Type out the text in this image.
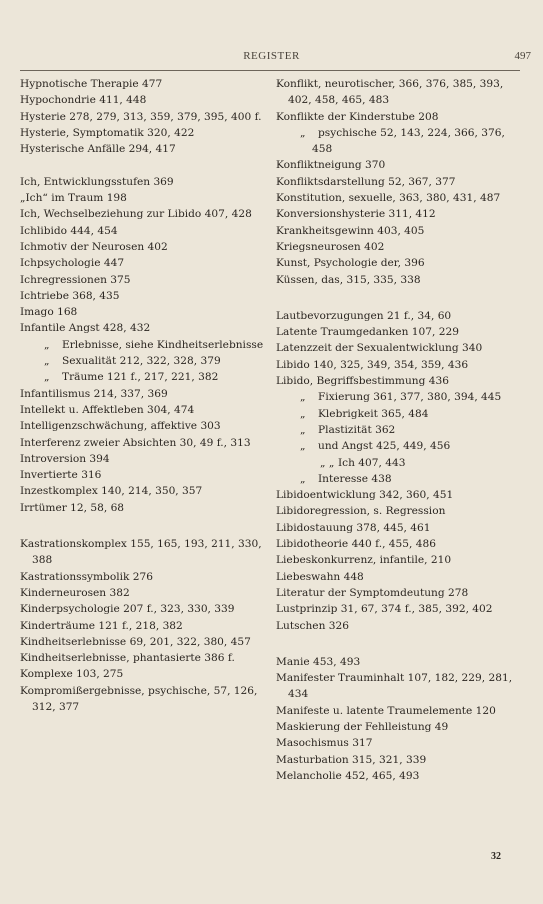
REGISTER	497
Hypnotische Therapie 477
Hypochondrie 411, 448
Hysterie 278, 279, 313, 359, 379, 395, 400 f.
Hysterie, Symptomatik 320, 422
Hysterische Anfälle 294, 417
Ich, Entwicklungsstufen 369
„Ich“ im Traum 198
Ich, Wechselbeziehung zur Libido 407, 428
Ichlibido 444, 454
Ichmotiv der Neurosen 402
Ichpsychologie 447
Ichregressionen 375
Ichtriebe 368, 435
Imago 168
Infantile Angst 428, 432
„ Erlebnisse, siehe Kindheitserlebnisse
„ Sexualität 212, 322, 328, 379
„ Träume 121 f., 217, 221, 382
Infantilismus 214, 337, 369
Intellekt u. Affektleben 304, 474
Intelligenzschwächung, affektive 303
Interferenz zweier Absichten 30, 49 f., 313
Introversion 394
Invertierte 316
Inzestkomplex 140, 214, 350, 357
Irrtümer 12, 58, 68
Kastrationskomplex 155, 165, 193, 211, 330, 388
Kastrationssymbolik 276
Kinderneurosen 382
Kinderpsychologie 207 f., 323, 330, 339
Kinderträume 121 f., 218, 382
Kindheitserlebnisse 69, 201, 322, 380, 457
Kindheitserlebnisse, phantasierte 386 f.
Komplexe 103, 275
Kompromißergebnisse, psychische, 57, 126, 312, 377
Konflikt, neurotischer, 366, 376, 385, 393, 402, 458, 465, 483
Konflikte der Kinderstube 208
„ psychische 52, 143, 224, 366, 376, 458
Konfliktneigung 370
Konfliktsdarstellung 52, 367, 377
Konstitution, sexuelle, 363, 380, 431, 487
Konversionshysterie 311, 412
Krankheitsgewinn 403, 405
Kriegsneurosen 402
Kunst, Psychologie der, 396
Küssen, das, 315, 335, 338
Lautbevorzugungen 21 f., 34, 60
Latente Traumgedanken 107, 229
Latenzzeit der Sexualentwicklung 340
Libido 140, 325, 349, 354, 359, 436
Libido, Begriffsbestimmung 436
„ Fixierung 361, 377, 380, 394, 445
„ Klebrigkeit 365, 484
„ Plastizität 362
„ und Angst 425, 449, 456
„ „ Ich 407, 443
„ Interesse 438
Libidoentwicklung 342, 360, 451
Libidoregression, s. Regression
Libidostauung 378, 445, 461
Libidotheorie 440 f., 455, 486
Liebeskonkurrenz, infantile, 210
Liebeswahn 448
Literatur der Symptomdeutung 278
Lustprinzip 31, 67, 374 f., 385, 392, 402
Lutschen 326
Manie 453, 493
Manifester Trauminhalt 107, 182, 229, 281, 434
Manifeste u. latente Traumelemente 120
Maskierung der Fehlleistung 49
Masochismus 317
Masturbation 315, 321, 339
Melancholie 452, 465, 493
32
